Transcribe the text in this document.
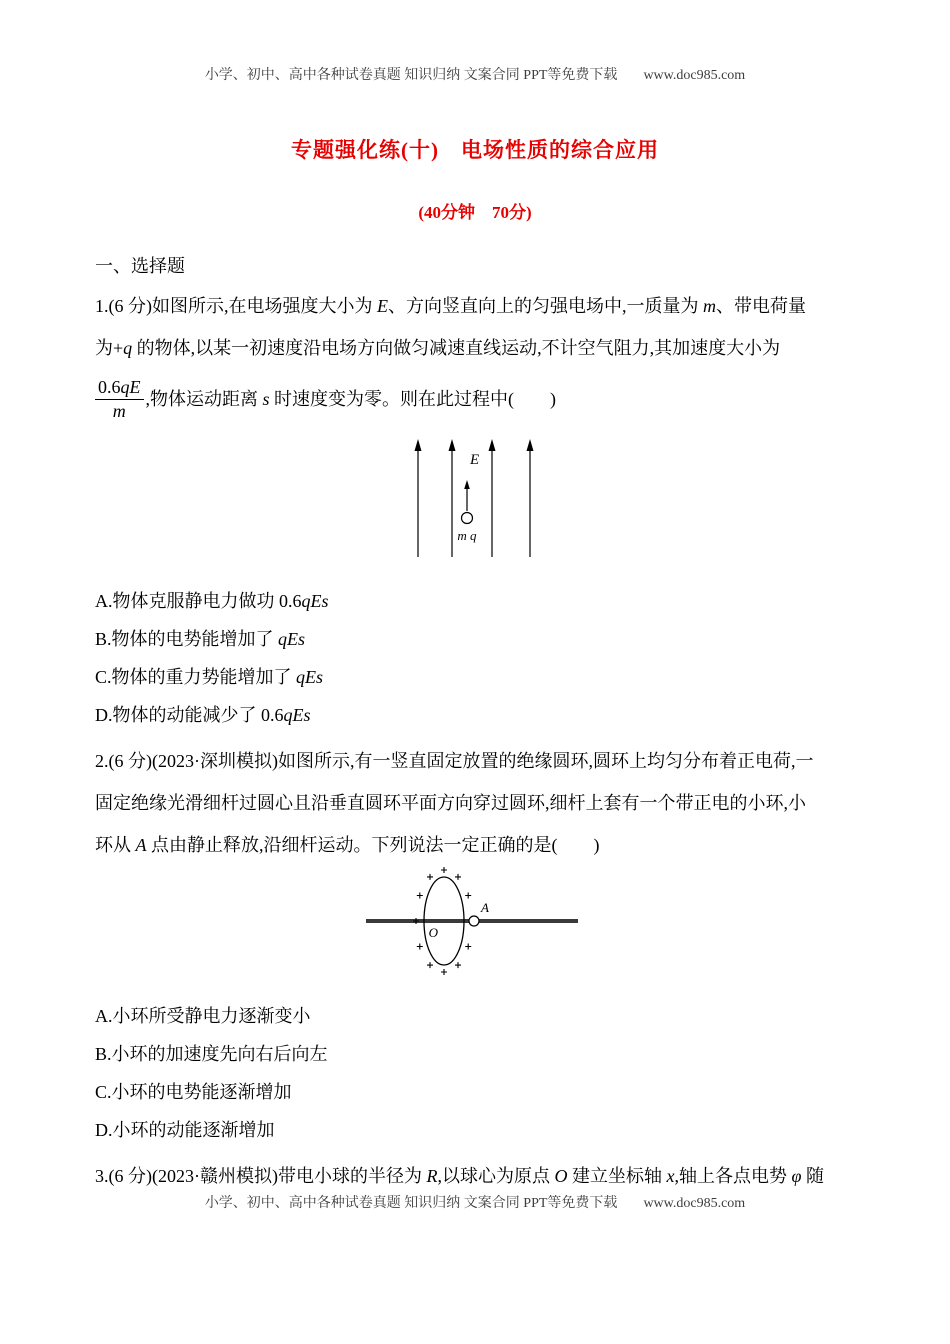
小学、初中、高中各种试卷真题 知识归纳 文案合同 PPT等免费下载 www.doc985.com
专题强化练(十)　电场性质的综合应用
(40分钟　70分)
一、选择题
1.(6 分)如图所示,在电场强度大小为 E、方向竖直向上的匀强电场中,一质量为 m、带电荷量
为+q 的物体,以某一初速度沿电场方向做匀减速直线运动,不计空气阻力,其加速度大小为
$\frac{0.6qE}{m}$ ,物体运动距离 s 时速度变为零。则在此过程中(　　)
E
m q
A.物体克服静电力做功 0.6qEs
B.物体的电势能增加了 qEs
C.物体的重力势能增加了 qEs
D.物体的动能减少了 0.6qEs
2.(6 分)(2023·深圳模拟)如图所示,有一竖直固定放置的绝缘圆环,圆环上均匀分布着正电荷,一
固定绝缘光滑细杆过圆心且沿垂直圆环平面方向穿过圆环,细杆上套有一个带正电的小环,小
环从 A 点由静止释放,沿细杆运动。下列说法一定正确的是(　　)
A
O
A.小环所受静电力逐渐变小
B.小环的加速度先向右后向左
C.小环的电势能逐渐增加
D.小环的动能逐渐增加
3.(6 分)(2023·赣州模拟)带电小球的半径为 R,以球心为原点 O 建立坐标轴 x,轴上各点电势 φ 随
小学、初中、高中各种试卷真题 知识归纳 文案合同 PPT等免费下载 www.doc985.com
